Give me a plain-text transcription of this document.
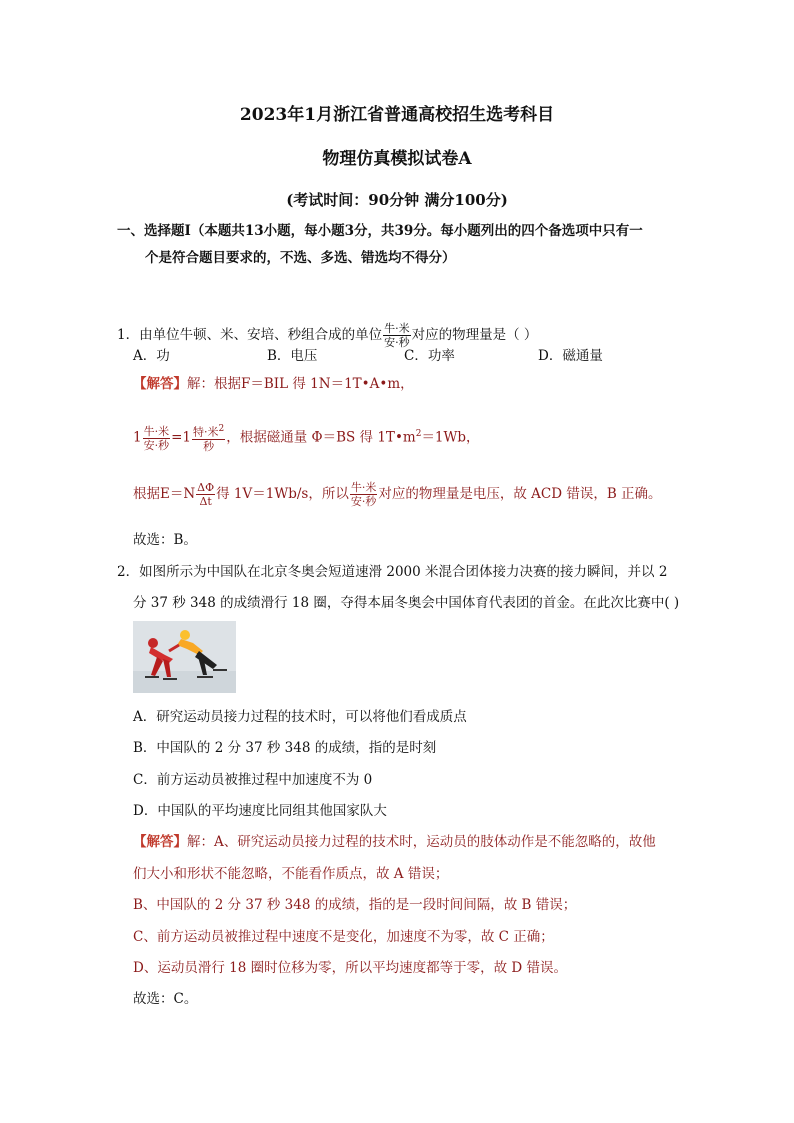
2023年1月浙江省普通高校招生选考科目
物理仿真模拟试卷A
(考试时间：90分钟 满分100分)
一、选择题Ⅰ（本题共13小题，每小题3分，共39分。每小题列出的四个备选项中只有一
个是符合题目要求的，不选、多选、错选均不得分）
1．由单位牛顿、米、安培、秒组合成的单位 $\frac{\text{牛·米}}{\text{安·秒}}$ 对应的物理量是（ ）
A．功	B．电压	C．功率	D．磁通量
【解答】解：根据F＝BIL 得 1N＝1T•A•m，
$1 \frac{\text{牛·米}}{\text{安·秒}} =1 \frac{特\cdot 米^2}{\text{秒}}$ ，根据磁通量 Φ＝BS 得 $1T•m^2=1Wb$，
根据$E=N \frac{\Delta\Phi}{\Delta t}$ 得 1V＝1Wb/s，所以 $\frac{\text{牛·米}}{\text{安·秒}}$ 对应的物理量是电压，故 ACD 错误，B 正确。
故选：B。
2．如图所示为中国队在北京冬奥会短道速滑 2000 米混合团体接力决赛的接力瞬间，并以 2
分 37 秒 348 的成绩滑行 18 圈，夺得本届冬奥会中国体育代表团的首金。在此次比赛中( )
A．研究运动员接力过程的技术时，可以将他们看成质点
B．中国队的 2 分 37 秒 348 的成绩，指的是时刻
C．前方运动员被推过程中加速度不为 0
D．中国队的平均速度比同组其他国家队大
【解答】解：A、研究运动员接力过程的技术时，运动员的肢体动作是不能忽略的，故他
们大小和形状不能忽略，不能看作质点，故 A 错误；
B、中国队的 2 分 37 秒 348 的成绩，指的是一段时间间隔，故 B 错误；
C、前方运动员被推过程中速度不是变化，加速度不为零，故 C 正确；
D、运动员滑行 18 圈时位移为零，所以平均速度都等于零，故 D 错误。
故选：C。
